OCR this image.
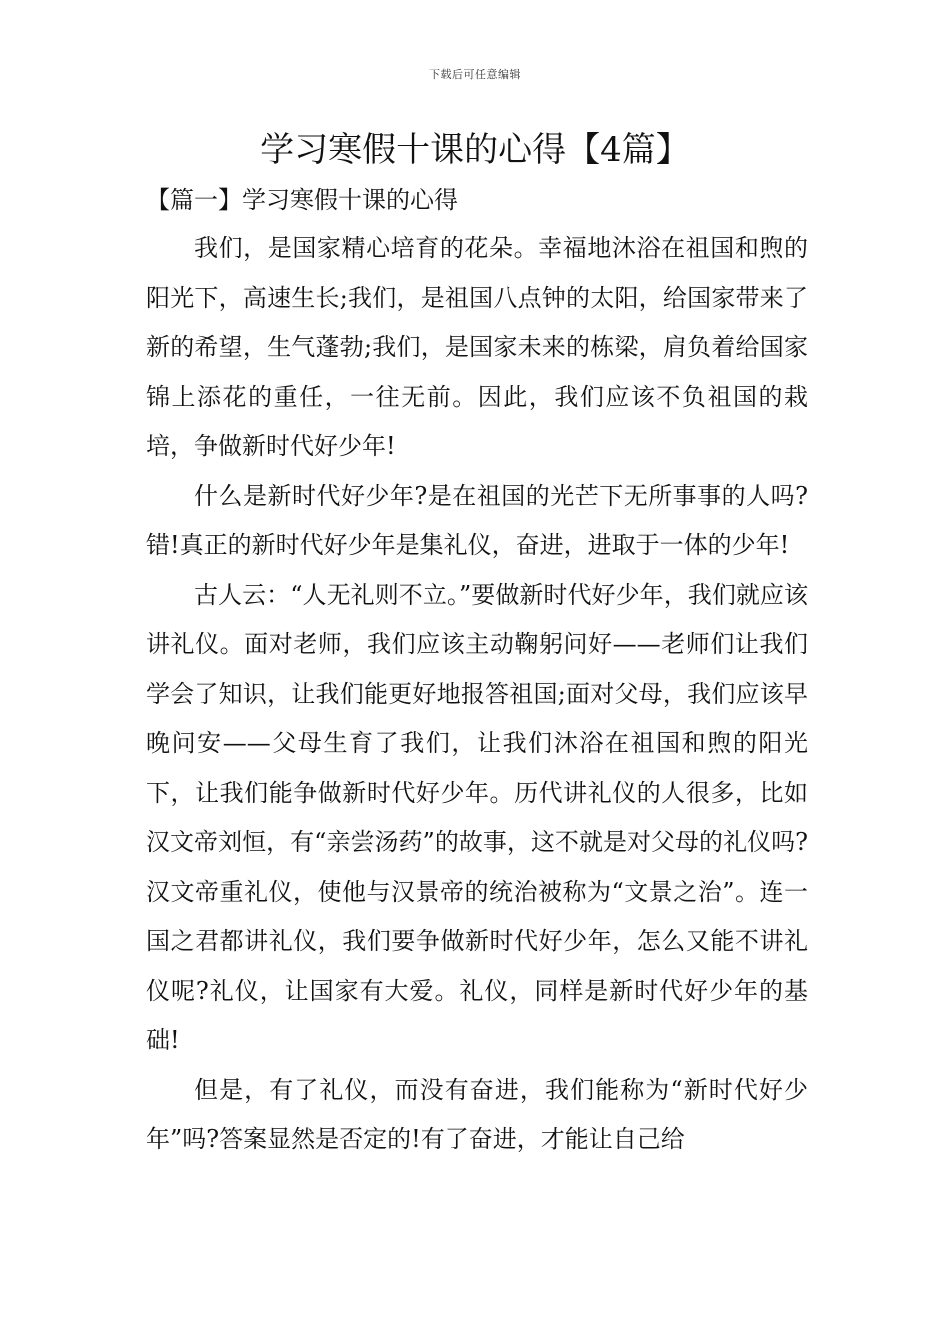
下载后可任意编辑
学习寒假十课的心得【4篇】
【篇一】学习寒假十课的心得

我们，是国家精心培育的花朵。幸福地沐浴在祖国和煦的阳光下，高速生长;我们，是祖国八点钟的太阳，给国家带来了新的希望，生气蓬勃;我们，是国家未来的栋梁，肩负着给国家锦上添花的重任，一往无前。因此，我们应该不负祖国的栽培，争做新时代好少年!

什么是新时代好少年?是在祖国的光芒下无所事事的人吗?错!真正的新时代好少年是集礼仪，奋进，进取于一体的少年!

古人云：“人无礼则不立。”要做新时代好少年，我们就应该讲礼仪。面对老师，我们应该主动鞠躬问好——老师们让我们学会了知识，让我们能更好地报答祖国;面对父母，我们应该早晚问安——父母生育了我们，让我们沐浴在祖国和煦的阳光下，让我们能争做新时代好少年。历代讲礼仪的人很多，比如汉文帝刘恒，有“亲尝汤药”的故事，这不就是对父母的礼仪吗?汉文帝重礼仪，使他与汉景帝的统治被称为“文景之治”。连一国之君都讲礼仪，我们要争做新时代好少年，怎么又能不讲礼仪呢?礼仪，让国家有大爱。礼仪，同样是新时代好少年的基础!

但是，有了礼仪，而没有奋进，我们能称为“新时代好少年”吗?答案显然是否定的!有了奋进，才能让自己给
